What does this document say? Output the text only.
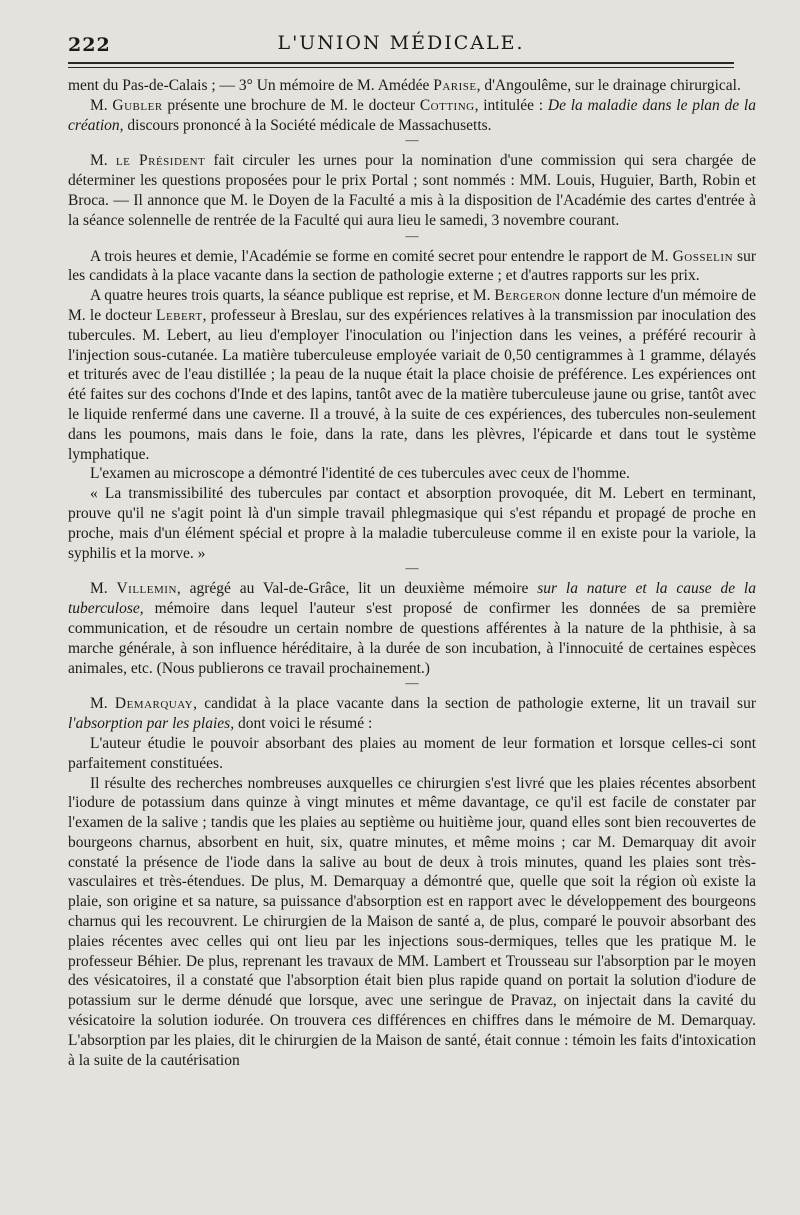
222	L'UNION MÉDICALE.

ment du Pas-de-Calais ; — 3° Un mémoire de M. Amédée Parise, d'Angoulême, sur le drainage chirurgical.

M. Gubler présente une brochure de M. le docteur Cotting, intitulée : De la maladie dans le plan de la création, discours prononcé à la Société médicale de Massachusetts.

—

M. le Président fait circuler les urnes pour la nomination d'une commission qui sera chargée de déterminer les questions proposées pour le prix Portal ; sont nommés : MM. Louis, Huguier, Barth, Robin et Broca. — Il annonce que M. le Doyen de la Faculté a mis à la disposition de l'Académie des cartes d'entrée à la séance solennelle de rentrée de la Faculté qui aura lieu le samedi, 3 novembre courant.

—

A trois heures et demie, l'Académie se forme en comité secret pour entendre le rapport de M. Gosselin sur les candidats à la place vacante dans la section de pathologie externe ; et d'autres rapports sur les prix.

A quatre heures trois quarts, la séance publique est reprise, et M. Bergeron donne lecture d'un mémoire de M. le docteur Lebert, professeur à Breslau, sur des expériences relatives à la transmission par inoculation des tubercules. M. Lebert, au lieu d'employer l'inoculation ou l'injection dans les veines, a préféré recourir à l'injection sous-cutanée. La matière tuberculeuse employée variait de 0,50 centigrammes à 1 gramme, délayés et triturés avec de l'eau distillée ; la peau de la nuque était la place choisie de préférence. Les expériences ont été faites sur des cochons d'Inde et des lapins, tantôt avec de la matière tuberculeuse jaune ou grise, tantôt avec le liquide renfermé dans une caverne. Il a trouvé, à la suite de ces expériences, des tubercules non-seulement dans les poumons, mais dans le foie, dans la rate, dans les plèvres, l'épicarde et dans tout le système lymphatique.

L'examen au microscope a démontré l'identité de ces tubercules avec ceux de l'homme.

« La transmissibilité des tubercules par contact et absorption provoquée, dit M. Lebert en terminant, prouve qu'il ne s'agit point là d'un simple travail phlegmasique qui s'est répandu et propagé de proche en proche, mais d'un élément spécial et propre à la maladie tuberculeuse comme il en existe pour la variole, la syphilis et la morve. »

—

M. Villemin, agrégé au Val-de-Grâce, lit un deuxième mémoire sur la nature et la cause de la tuberculose, mémoire dans lequel l'auteur s'est proposé de confirmer les données de sa première communication, et de résoudre un certain nombre de questions afférentes à la nature de la phthisie, à sa marche générale, à son influence héréditaire, à la durée de son incubation, à l'innocuité de certaines espèces animales, etc. (Nous publierons ce travail prochainement.)

—

M. Demarquay, candidat à la place vacante dans la section de pathologie externe, lit un travail sur l'absorption par les plaies, dont voici le résumé :

L'auteur étudie le pouvoir absorbant des plaies au moment de leur formation et lorsque celles-ci sont parfaitement constituées.

Il résulte des recherches nombreuses auxquelles ce chirurgien s'est livré que les plaies récentes absorbent l'iodure de potassium dans quinze à vingt minutes et même davantage, ce qu'il est facile de constater par l'examen de la salive ; tandis que les plaies au septième ou huitième jour, quand elles sont bien recouvertes de bourgeons charnus, absorbent en huit, six, quatre minutes, et même moins ; car M. Demarquay dit avoir constaté la présence de l'iode dans la salive au bout de deux à trois minutes, quand les plaies sont très-vasculaires et très-étendues. De plus, M. Demarquay a démontré que, quelle que soit la région où existe la plaie, son origine et sa nature, sa puissance d'absorption est en rapport avec le développement des bourgeons charnus qui les recouvrent. Le chirurgien de la Maison de santé a, de plus, comparé le pouvoir absorbant des plaies récentes avec celles qui ont lieu par les injections sous-dermiques, telles que les pratique M. le professeur Béhier. De plus, reprenant les travaux de MM. Lambert et Trousseau sur l'absorption par le moyen des vésicatoires, il a constaté que l'absorption était bien plus rapide quand on portait la solution d'iodure de potassium sur le derme dénudé que lorsque, avec une seringue de Pravaz, on injectait dans la cavité du vésicatoire la solution iodurée. On trouvera ces différences en chiffres dans le mémoire de M. Demarquay. L'absorption par les plaies, dit le chirurgien de la Maison de santé, était connue : témoin les faits d'intoxication à la suite de la cautérisation
